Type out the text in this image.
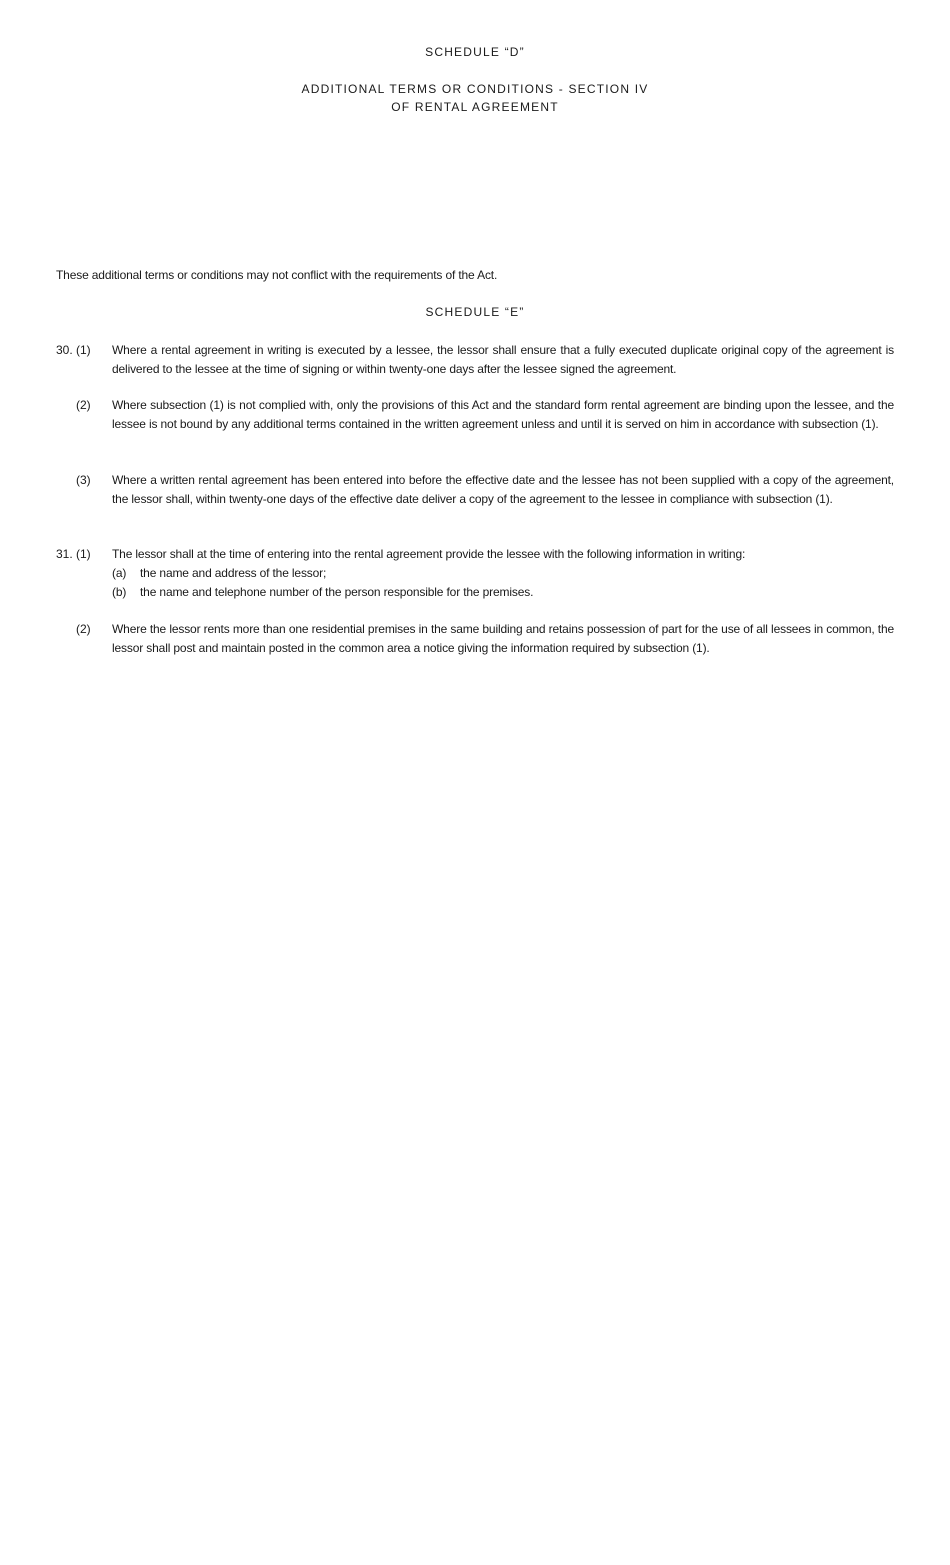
SCHEDULE “D”
ADDITIONAL TERMS OR CONDITIONS - SECTION IV
OF RENTAL AGREEMENT
These additional terms or conditions may not conflict with the requirements of the Act.
SCHEDULE “E”
30. (1)	Where a rental agreement in writing is executed by a lessee, the lessor shall ensure that a fully executed duplicate original copy of the agreement is delivered to the lessee at the time of signing or within twenty-one days after the lessee signed the agreement.
(2) Where subsection (1) is not complied with, only the provisions of this Act and the standard form rental agreement are binding upon the lessee, and the lessee is not bound by any additional terms contained in the written agreement unless and until it is served on him in accordance with subsection (1).
(3) Where a written rental agreement has been entered into before the effective date and the lessee has not been supplied with a copy of the agreement, the lessor shall, within twenty-one days of the effective date deliver a copy of the agreement to the lessee in compliance with subsection (1).
31. (1)	The lessor shall at the time of entering into the rental agreement provide the lessee with the following information in writing:
(a) the name and address of the lessor;
(b) the name and telephone number of the person responsible for the premises.
(2) Where the lessor rents more than one residential premises in the same building and retains possession of part for the use of all lessees in common, the lessor shall post and maintain posted in the common area a notice giving the information required by subsection (1).
